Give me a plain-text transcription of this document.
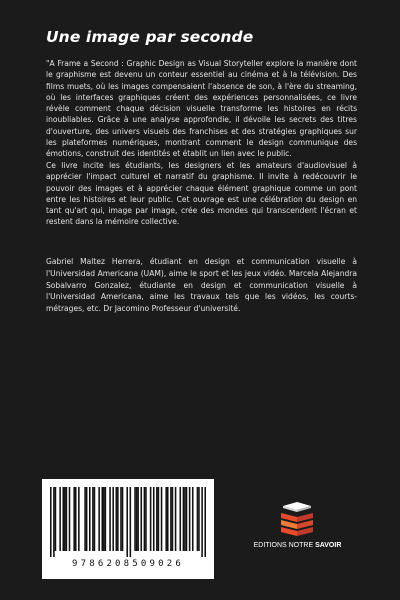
Une image par seconde

"A Frame a Second : Graphic Design as Visual Storyteller explore la manière dont le graphisme est devenu un conteur essentiel au cinéma et à la télévision. Des films muets, où les images compensaient l'absence de son, à l'ère du streaming, où les interfaces graphiques créent des expériences personnalisées, ce livre révèle comment chaque décision visuelle transforme les histoires en récits inoubliables. Grâce à une analyse approfondie, il dévoile les secrets des titres d'ouverture, des univers visuels des franchises et des stratégies graphiques sur les plateformes numériques, montrant comment le design communique des émotions, construit des identités et établit un lien avec le public.

Ce livre incite les étudiants, les designers et les amateurs d'audiovisuel à apprécier l'impact culturel et narratif du graphisme. Il invite à redécouvrir le pouvoir des images et à apprécier chaque élément graphique comme un pont entre les histoires et leur public. Cet ouvrage est une célébration du design en tant qu'art qui, image par image, crée des mondes qui transcendent l'écran et restent dans la mémoire collective.

Gabriel Maltez Herrera, étudiant en design et communication visuelle à l'Universidad Americana (UAM), aime le sport et les jeux vidéo. Marcela Alejandra Sobalvarro Gonzalez, étudiante en design et communication visuelle à l'Universidad Americana, aime les travaux tels que les vidéos, les courts-métrages, etc. Dr Jacomino Professeur d'université.

9786208509026
EDITIONS NOTRE SAVOIR
